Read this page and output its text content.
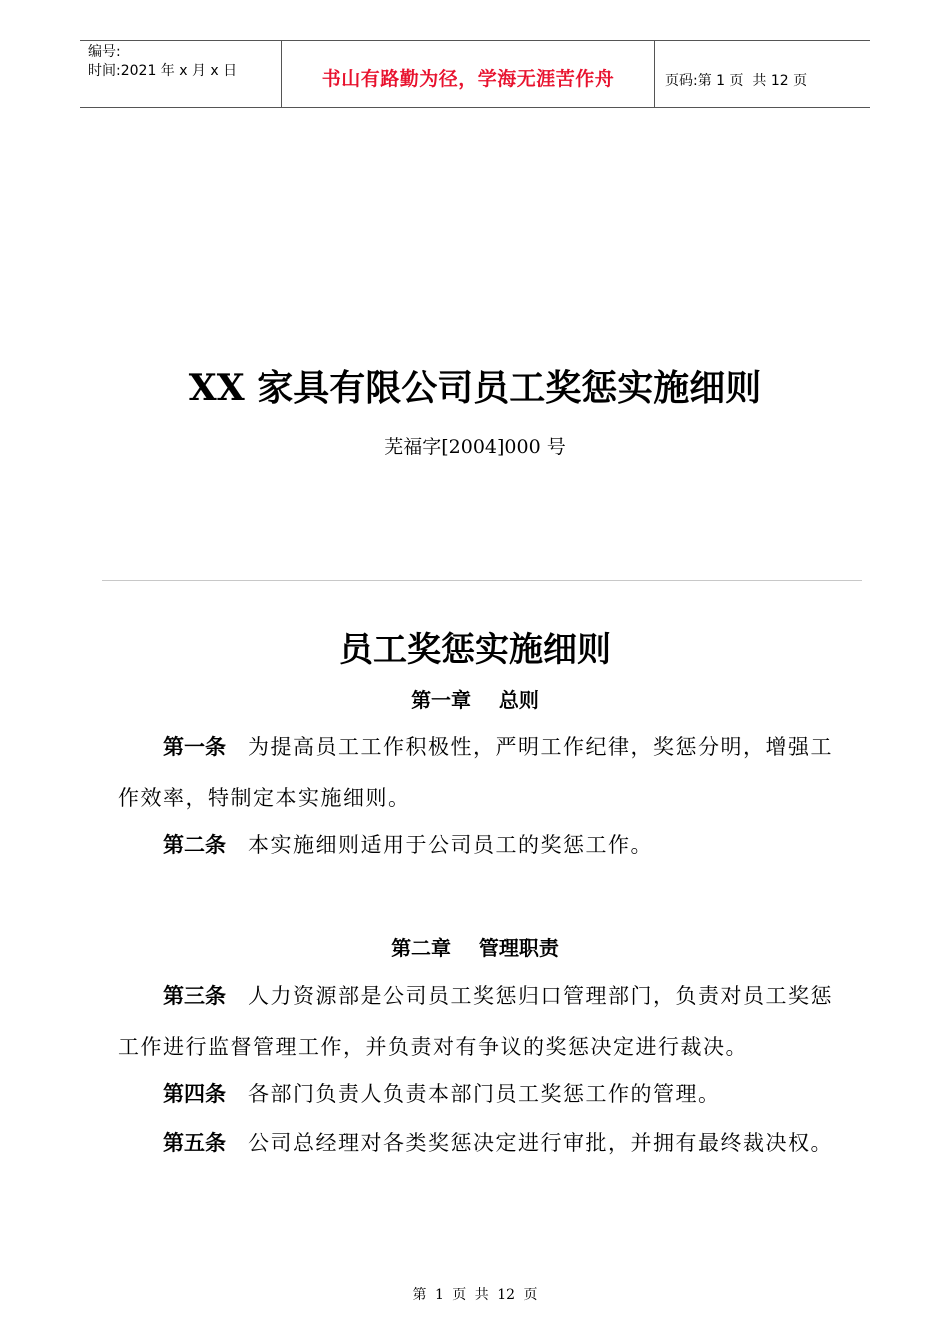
编号:
时间:2021 年 x 月 x 日	书山有路勤为径，学海无涯苦作舟	页码:第 1 页  共 12 页
XX 家具有限公司员工奖惩实施细则
芜福字[2004]000 号
员工奖惩实施细则
第一章    总则
第一条 为提高员工工作积极性，严明工作纪律，奖惩分明，增强工作效率，特制定本实施细则。
第二条 本实施细则适用于公司员工的奖惩工作。
第二章    管理职责
第三条 人力资源部是公司员工奖惩归口管理部门，负责对员工奖惩工作进行监督管理工作，并负责对有争议的奖惩决定进行裁决。
第四条 各部门负责人负责本部门员工奖惩工作的管理。
第五条 公司总经理对各类奖惩决定进行审批，并拥有最终裁决权。
第 1 页 共 12 页
